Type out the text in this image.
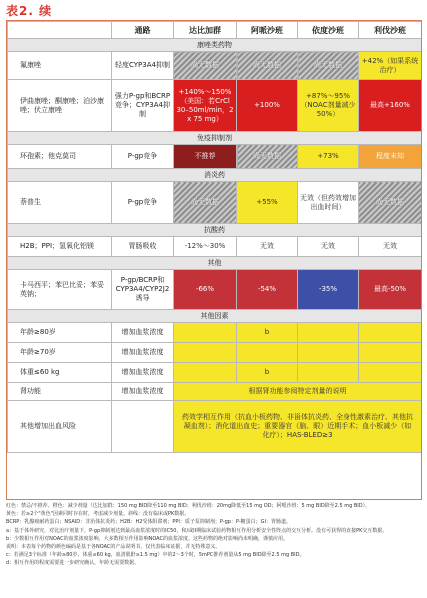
表2. 续
	通路	达比加群	阿哌沙班	依度沙班	利伐沙班
康唑类药物					
氟康唑	轻度CYP3A4抑制	尚无数据	尚无数据	尚无数据	+42%（如果系统治疗）
伊曲康唑；酮康唑；泊沙康唑；伏立康唑	强力P-gp和BCRP竞争；CYP3A4抑制	+140%～150%（美国：若CrCl 30–50ml/min，2 x 75 mg）	+100%	+87%～95%（NOAC剂量减少50%）	最高+160%
免疫抑制剂					
环孢素；他克莫司	P-gp竞争	不推荐	尚无数据	+73%	程度未知
消炎药					
萘普生	P-gp竞争	尚无数据	+55%	无效（但药效增加出血时间）	尚无数据
抗酸药					
H2B；PPI；氢氧化铝镁	胃肠吸收	-12%～30%	无效	无效	无效
其他					
卡马西平；苯巴比妥；苯妥英钠；	P-gp/BCRP和CYP3A4/CYP2J2诱导	-66%	-54%	-35%	最高-50%
其他因素					
年龄≥80岁	增加血浆浓度		b		
年龄≥70岁	增加血浆浓度				
体重≤60 kg	增加血浆浓度		b		
肾功能	增加血浆浓度	根据肾功能参阅特定剂量的说明			
其他增加出血风险		药效学相互作用（抗血小板药物、非甾体抗炎药、全身性激素治疗、其他抗凝血剂）；消化道出血史；重要器官（脑、眼）近期手术；血小板减少（如 化疗）；HAS-BLED≥3			
红色：禁忌/不推荐。橙色：减少剂量（达比加群：150 mg BID降至110 mg BID；利伐沙班：20mg降低至15 mg OD；阿哌沙班：5 mg BID降至2.5 mg BID）。
黄色：若≥2个"黄色"因素同时存在时，考虑减少剂量。斜线：没有临床或PK数据。
BCRP：乳腺癌耐药蛋白；NSAID：非甾体抗炎药；H2B：H2受体阻滞剂；PPI：质子泵抑制剂；P-gp：P-糖蛋白；GI：胃肠道。
a：基于体外研究，对比治疗剂量下，P-gp抑制剂达到最高血浆浓度时的IC50，和/或II期临床试验药物相互作用分析安全性终点的交互分析。没有可获得的直接PK交互数据。
b：少数相互作用对NOAC的血浆浓度影响，大多数相互作用影响NOAC的血浆浓度。这些药物的绝对影响尚未明确，谨慎应用。
说明：本表每个药物的颜色编码是基于各NOAC的产品说明书，仅代表临床证据，并无特殊意义。
c：若满足3个标准（年龄≥80岁，体重≤60 kg，血清肌酐≥1.5 mg）中的2～3个时，5mPC推荐剂量从5 mg BID降至2.5 mg BID。
d：相互作用的程度需要进一步研究确认，年龄无需要数据。
